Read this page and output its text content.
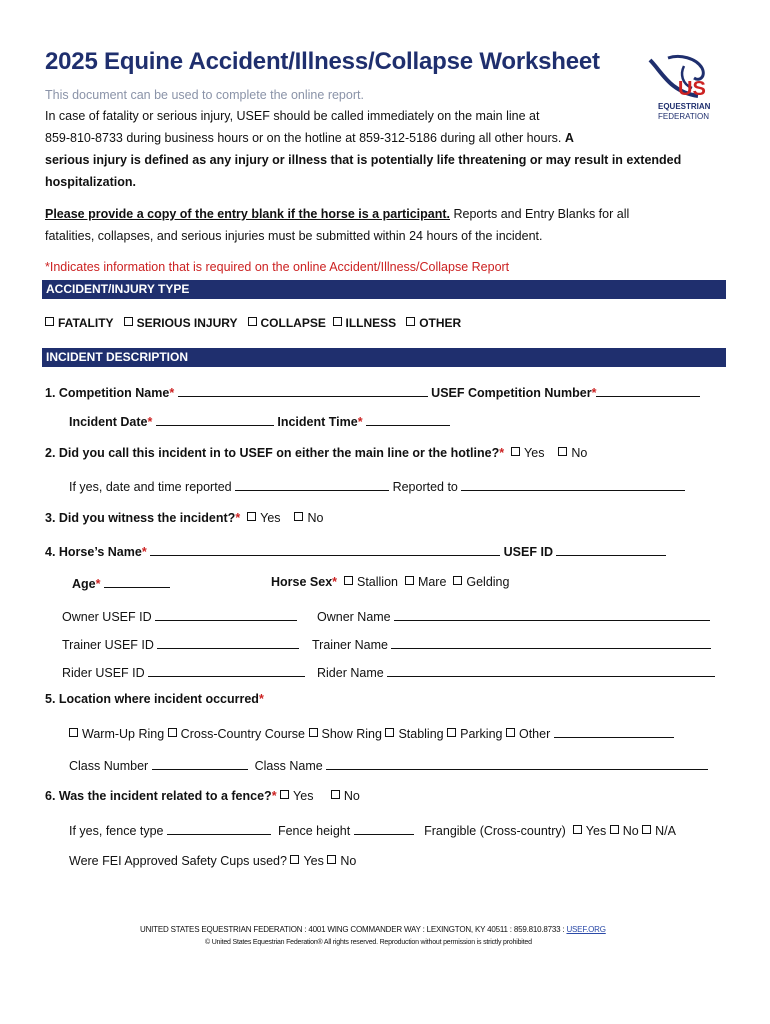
2025 Equine Accident/Illness/Collapse Worksheet
US
EQUESTRIAN
FEDERATION
This document can be used to complete the online report.
In case of fatality or serious injury, USEF should be called immediately on the main line at
859-810-8733 during business hours or on the hotline at 859-312-5186 during all other hours. A
serious injury is defined as any injury or illness that is potentially life threatening or may result in extended
hospitalization.
Please provide a copy of the entry blank if the horse is a participant. Reports and Entry Blanks for all
fatalities, collapses, and serious injuries must be submitted within 24 hours of the incident.
*Indicates information that is required on the online Accident/Illness/Collapse Report
ACCIDENT/INJURY TYPE
FATALITY SERIOUS INJURY COLLAPSE ILLNESS OTHER
INCIDENT DESCRIPTION
1. Competition Name*	USEF Competition Number*
Incident Date*	Incident Time*
2. Did you call this incident in to USEF on either the main line or the hotline?* Yes No
If yes, date and time reported	Reported to
3. Did you witness the incident?* Yes No
4. Horse’s Name*	USEF ID
Age*	Horse Sex* Stallion Mare Gelding
Owner USEF ID	Owner Name
Trainer USEF ID	Trainer Name
Rider USEF ID	Rider Name
5. Location where incident occurred*
Warm-Up Ring Cross-Country Course Show Ring Stabling Parking Other
Class Number	Class Name
6. Was the incident related to a fence?* Yes No
If yes, fence type	Fence height	Frangible (Cross-country) Yes No N/A
Were FEI Approved Safety Cups used? Yes No
UNITED STATES EQUESTRIAN FEDERATION : 4001 WING COMMANDER WAY : LEXINGTON, KY 40511 : 859.810.8733 : USEF.ORG
© United States Equestrian Federation® All rights reserved. Reproduction without permission is strictly prohibited
